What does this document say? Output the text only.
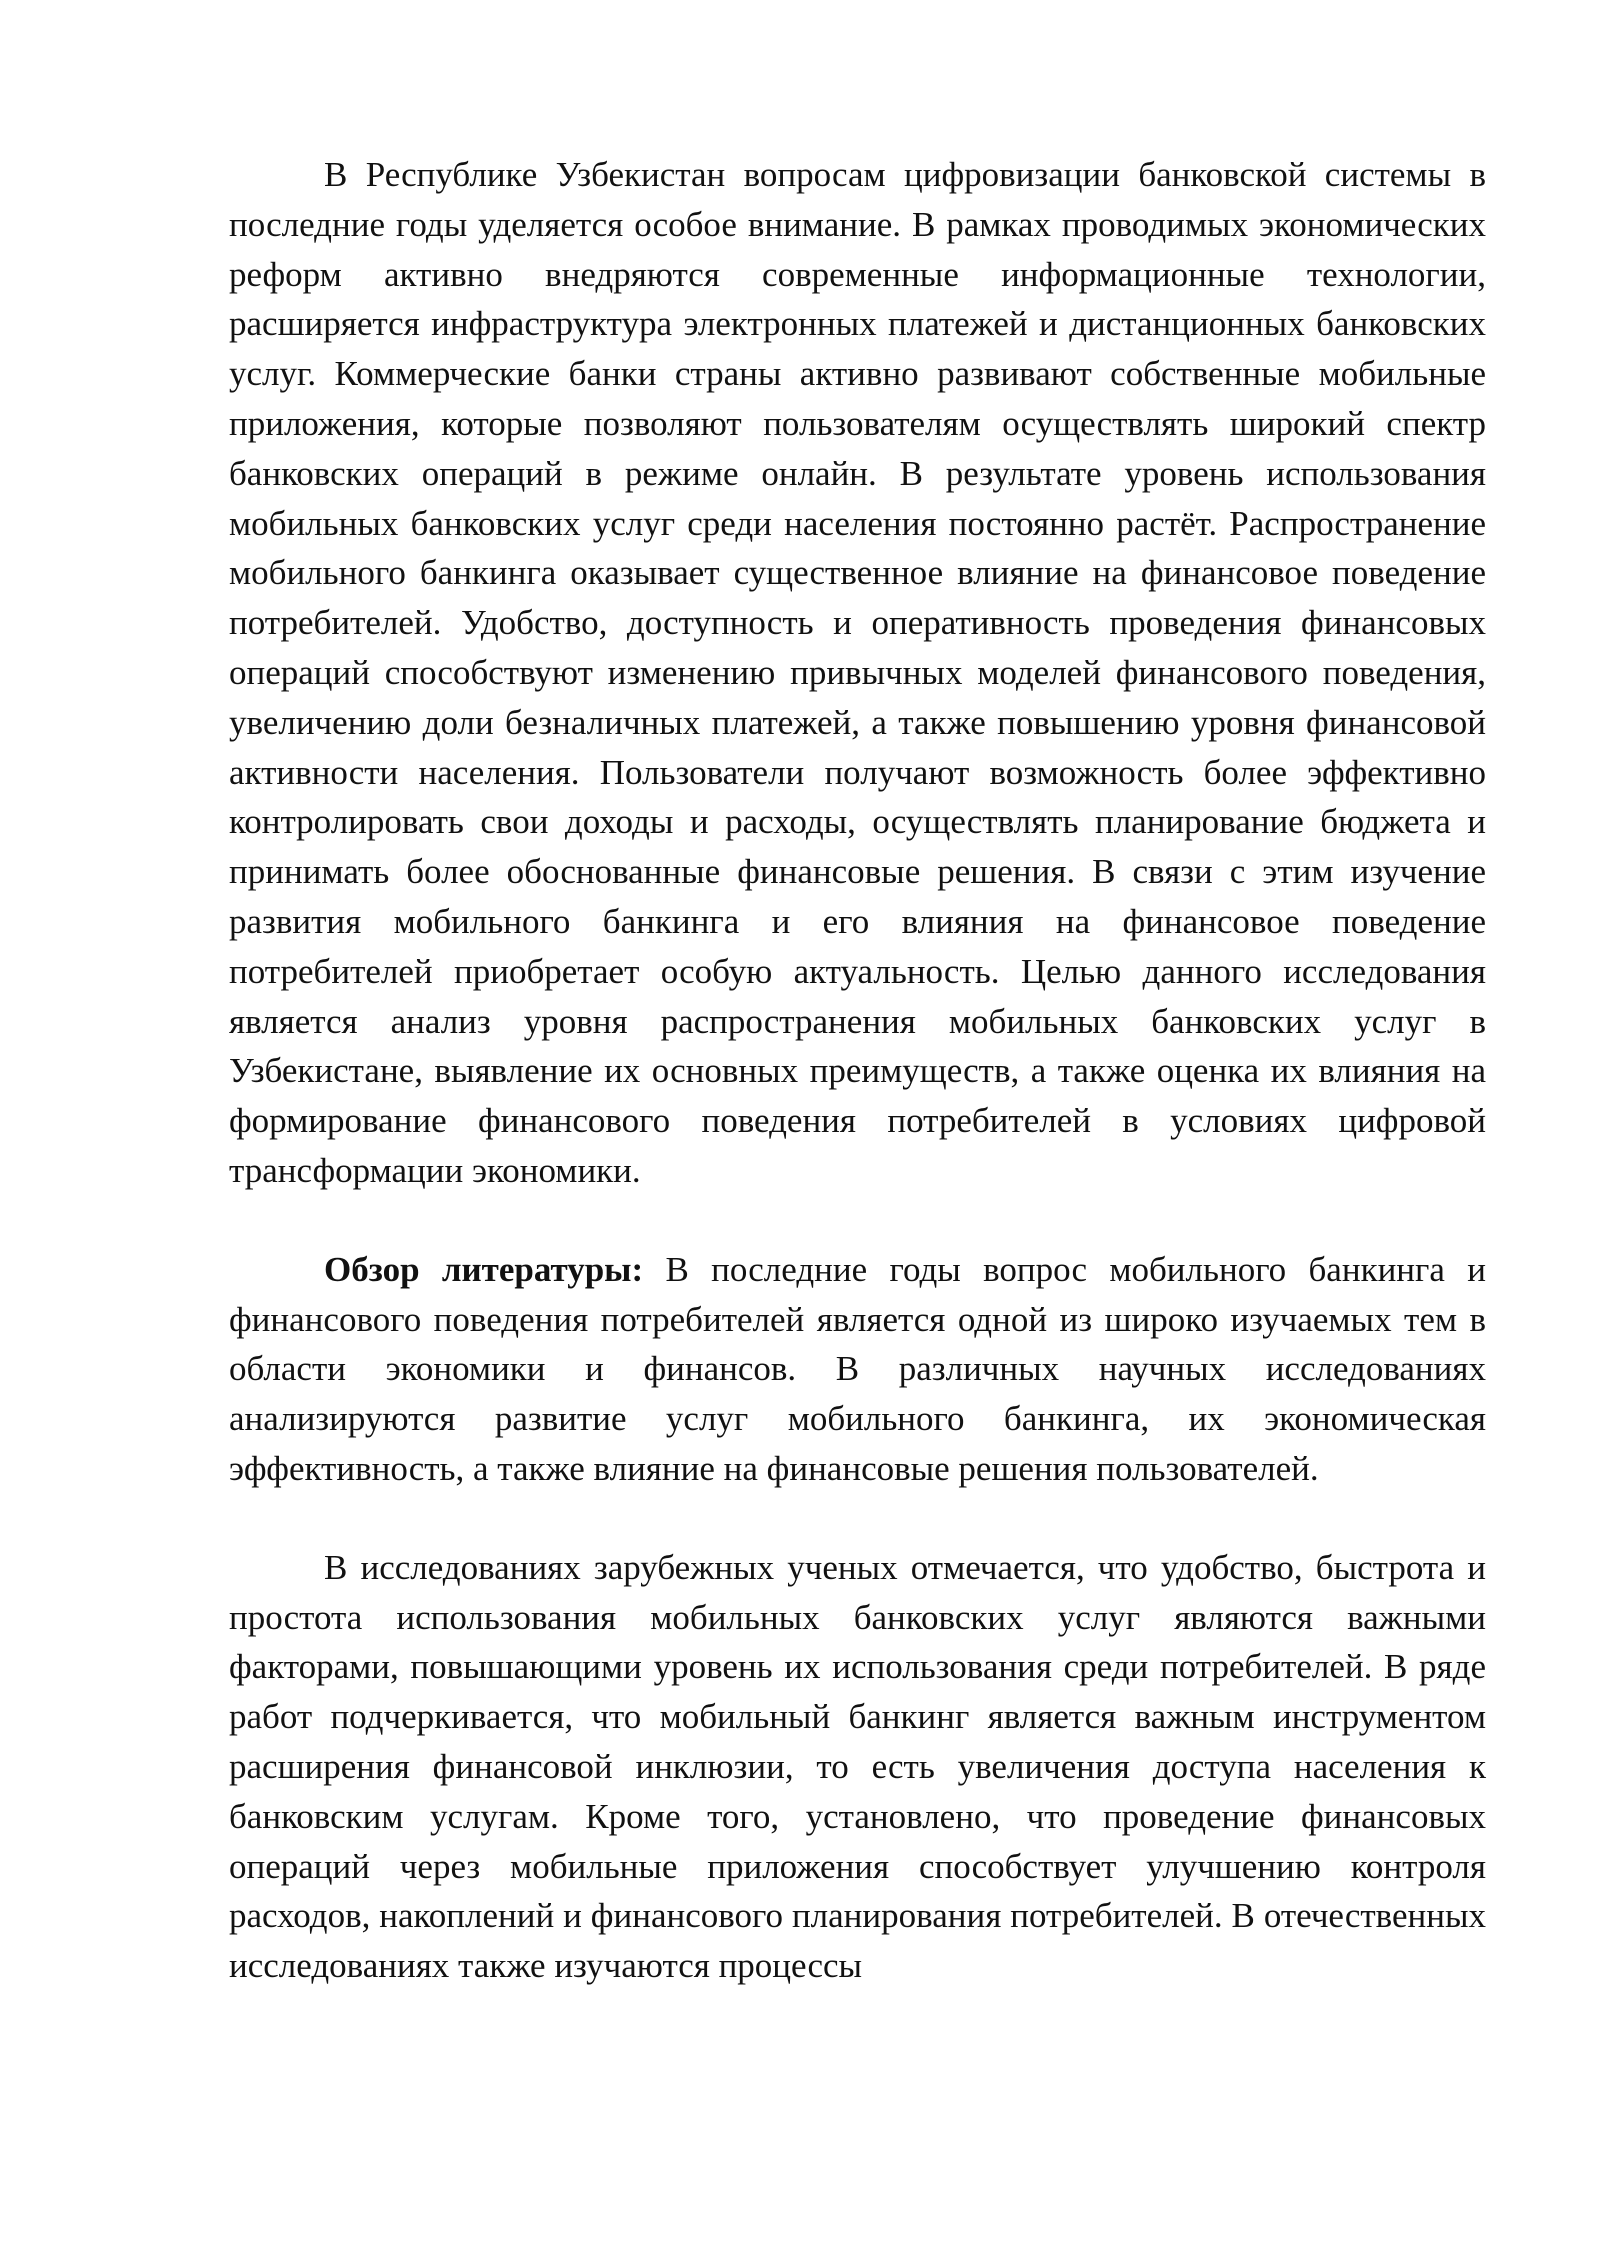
В Республике Узбекистан вопросам цифровизации банковской системы в последние годы уделяется особое внимание. В рамках проводимых экономических реформ активно внедряются современные информационные технологии, расширяется инфраструктура электронных платежей и дистанционных банковских услуг. Коммерческие банки страны активно развивают собственные мобильные приложения, которые позволяют пользователям осуществлять широкий спектр банковских операций в режиме онлайн. В результате уровень использования мобильных банковских услуг среди населения постоянно растёт. Распространение мобильного банкинга оказывает существенное влияние на финансовое поведение потребителей. Удобство, доступность и оперативность проведения финансовых операций способствуют изменению привычных моделей финансового поведения, увеличению доли безналичных платежей, а также повышению уровня финансовой активности населения. Пользователи получают возможность более эффективно контролировать свои доходы и расходы, осуществлять планирование бюджета и принимать более обоснованные финансовые решения. В связи с этим изучение развития мобильного банкинга и его влияния на финансовое поведение потребителей приобретает особую актуальность. Целью данного исследования является анализ уровня распространения мобильных банковских услуг в Узбекистане, выявление их основных преимуществ, а также оценка их влияния на формирование финансового поведения потребителей в условиях цифровой трансформации экономики.

Обзор литературы: В последние годы вопрос мобильного банкинга и финансового поведения потребителей является одной из широко изучаемых тем в области экономики и финансов. В различных научных исследованиях анализируются развитие услуг мобильного банкинга, их экономическая эффективность, а также влияние на финансовые решения пользователей.

В исследованиях зарубежных ученых отмечается, что удобство, быстрота и простота использования мобильных банковских услуг являются важными факторами, повышающими уровень их использования среди потребителей. В ряде работ подчеркивается, что мобильный банкинг является важным инструментом расширения финансовой инклюзии, то есть увеличения доступа населения к банковским услугам. Кроме того, установлено, что проведение финансовых операций через мобильные приложения способствует улучшению контроля расходов, накоплений и финансового планирования потребителей. В отечественных исследованиях также изучаются процессы
